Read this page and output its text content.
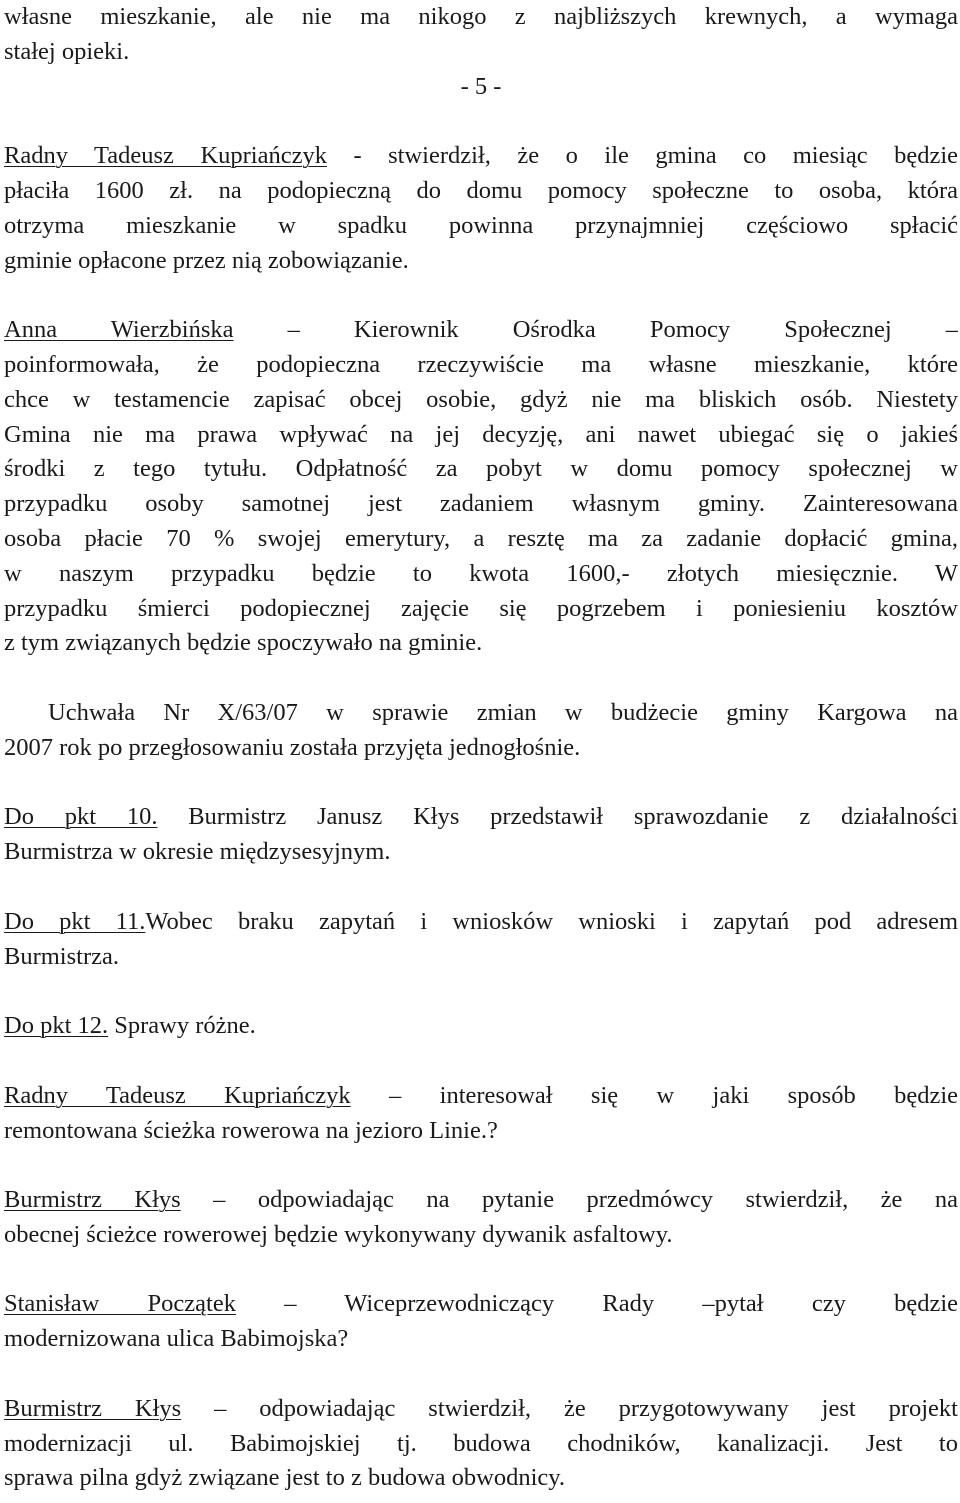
własne mieszkanie, ale nie ma nikogo z najbliższych krewnych, a wymaga
stałej opieki.
- 5 -
Radny Tadeusz Kupriańczyk - stwierdził, że o ile gmina co miesiąc będzie
płaciła 1600 zł. na podopieczną do domu pomocy społeczne to osoba, która
otrzyma mieszkanie w spadku powinna przynajmniej częściowo spłacić
gminie opłacone przez nią zobowiązanie.
Anna Wierzbińska – Kierownik Ośrodka Pomocy Społecznej –
poinformowała, że podopieczna rzeczywiście ma własne mieszkanie, które
chce w testamencie zapisać obcej osobie, gdyż nie ma bliskich osób. Niestety
Gmina nie ma prawa wpływać na jej decyzję, ani nawet ubiegać się o jakieś
środki z tego tytułu. Odpłatność za pobyt w domu pomocy społecznej w
przypadku osoby samotnej jest zadaniem własnym gminy. Zainteresowana
osoba płacie 70 % swojej emerytury, a resztę ma za zadanie dopłacić gmina,
w naszym przypadku będzie to kwota 1600,- złotych miesięcznie. W
przypadku śmierci podopiecznej zajęcie się pogrzebem i poniesieniu kosztów
z tym związanych będzie spoczywało na gminie.
Uchwała Nr X/63/07 w sprawie zmian w budżecie gminy Kargowa na
2007 rok po przegłosowaniu została przyjęta jednogłośnie.
Do pkt 10. Burmistrz Janusz Kłys przedstawił sprawozdanie z działalności
Burmistrza w okresie międzysesyjnym.
Do pkt 11.Wobec braku zapytań i wniosków wnioski i zapytań pod adresem
Burmistrza.
Do pkt 12. Sprawy różne.
Radny Tadeusz Kupriańczyk – interesował się w jaki sposób będzie
remontowana ścieżka rowerowa na jezioro Linie.?
Burmistrz Kłys – odpowiadając na pytanie przedmówcy stwierdził, że na
obecnej ścieżce rowerowej będzie wykonywany dywanik asfaltowy.
Stanisław Początek – Wiceprzewodniczący Rady –pytał czy będzie
modernizowana ulica Babimojska?
Burmistrz Kłys – odpowiadając stwierdził, że przygotowywany jest projekt
modernizacji ul. Babimojskiej tj. budowa chodników, kanalizacji. Jest to
sprawa pilna gdyż związane jest to z budowa obwodnicy.
